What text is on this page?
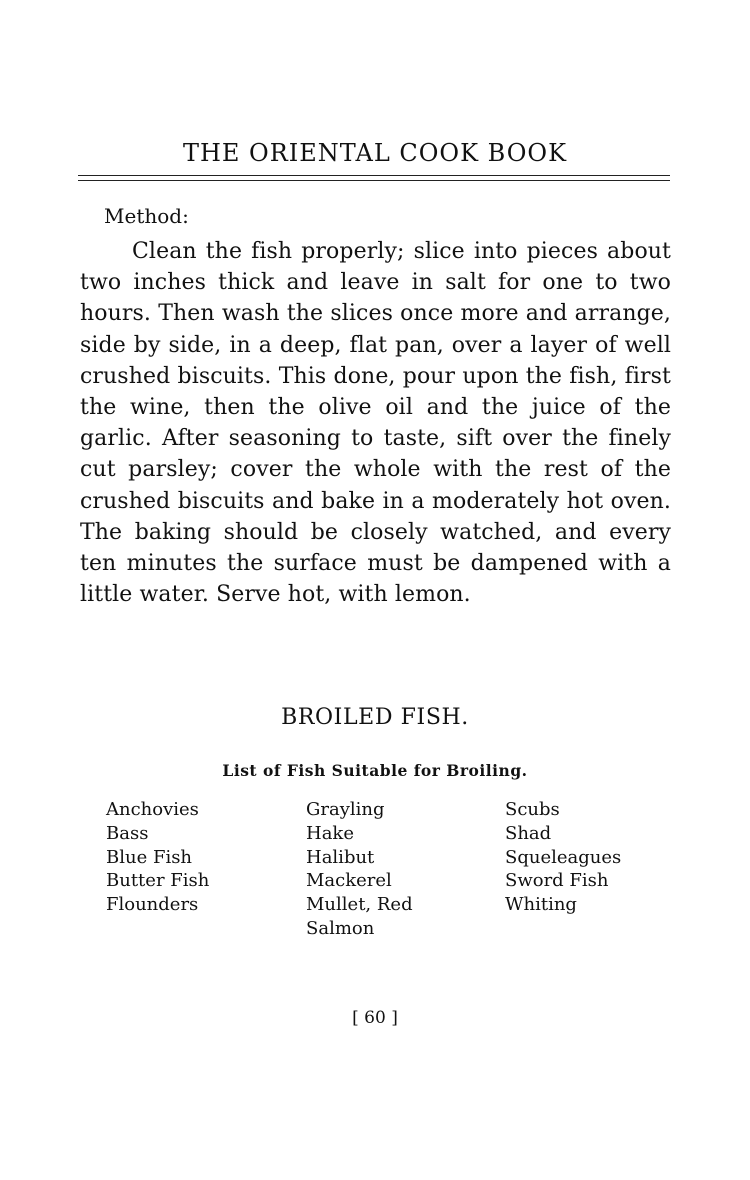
THE ORIENTAL COOK BOOK
Method:

Clean the fish properly; slice into pieces about two inches thick and leave in salt for one to two hours. Then wash the slices once more and arrange, side by side, in a deep, flat pan, over a layer of well crushed biscuits. This done, pour upon the fish, first the wine, then the olive oil and the juice of the garlic. After seasoning to taste, sift over the finely cut parsley; cover the whole with the rest of the crushed biscuits and bake in a moderately hot oven. The baking should be closely watched, and every ten minutes the surface must be dampened with a little water. Serve hot, with lemon.

BROILED FISH.
List of Fish Suitable for Broiling.
Anchovies
Bass
Blue Fish
Butter Fish
Flounders
Grayling
Hake
Halibut
Mackerel
Mullet, Red
Salmon
Scubs
Shad
Squeleagues
Sword Fish
Whiting
[ 60 ]
